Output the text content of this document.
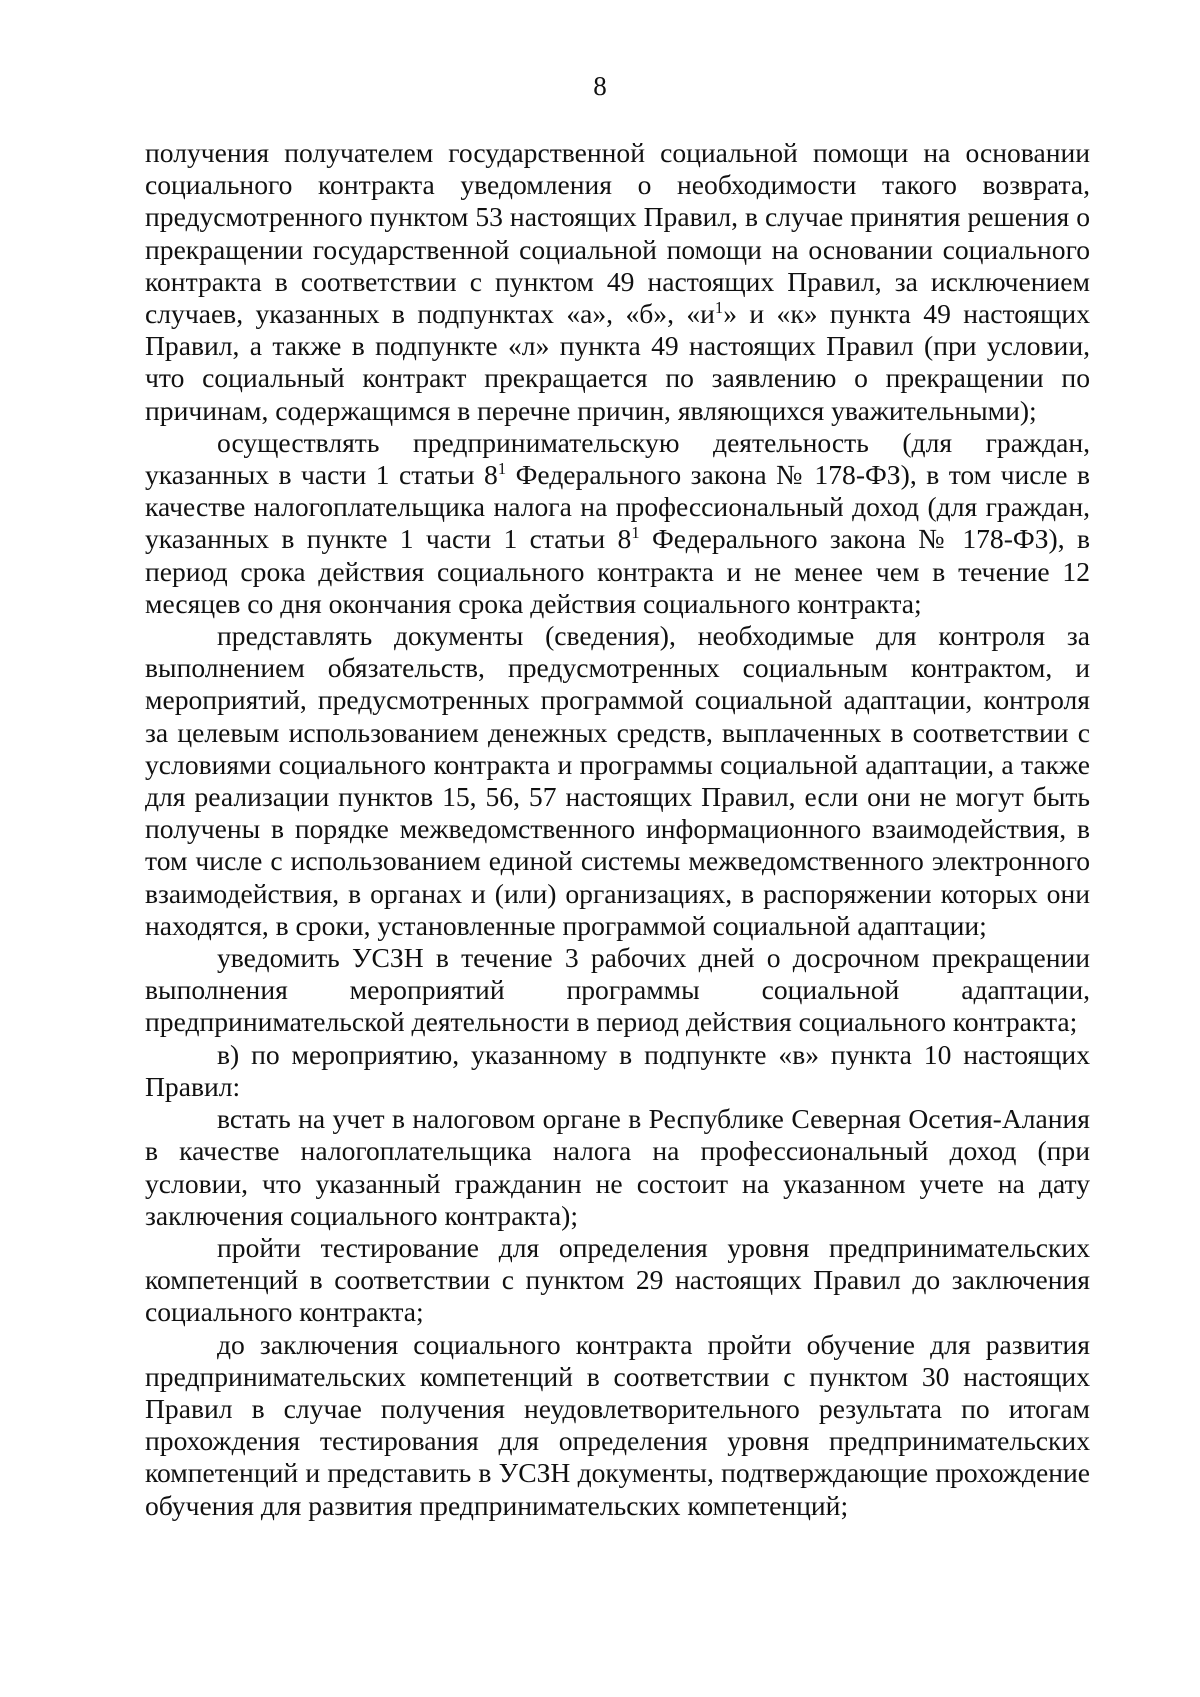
8

получения получателем государственной социальной помощи на основании социального контракта уведомления о необходимости такого возврата, предусмотренного пунктом 53 настоящих Правил, в случае принятия решения о прекращении государственной социальной помощи на основании социального контракта в соответствии с пунктом 49 настоящих Правил, за исключением случаев, указанных в подпунктах «а», «б», «$и^1$» и «к» пункта 49 настоящих Правил, а также в подпункте «л» пункта 49 настоящих Правил (при условии, что социальный контракт прекращается по заявлению о прекращении по причинам, содержащимся в перечне причин, являющихся уважительными);

осуществлять предпринимательскую деятельность (для граждан, указанных в части 1 статьи $8^1$ Федерального закона № 178-ФЗ), в том числе в качестве налогоплательщика налога на профессиональный доход (для граждан, указанных в пункте 1 части 1 статьи $8^1$ Федерального закона № 178-ФЗ), в период срока действия социального контракта и не менее чем в течение 12 месяцев со дня окончания срока действия социального контракта;

представлять документы (сведения), необходимые для контроля за выполнением обязательств, предусмотренных социальным контрактом, и мероприятий, предусмотренных программой социальной адаптации, контроля за целевым использованием денежных средств, выплаченных в соответствии с условиями социального контракта и программы социальной адаптации, а также для реализации пунктов 15, 56, 57 настоящих Правил, если они не могут быть получены в порядке межведомственного информационного взаимодействия, в том числе с использованием единой системы межведомственного электронного взаимодействия, в органах и (или) организациях, в распоряжении которых они находятся, в сроки, установленные программой социальной адаптации;

уведомить УСЗН в течение 3 рабочих дней о досрочном прекращении выполнения мероприятий программы социальной адаптации, предпринимательской деятельности в период действия социального контракта;

в) по мероприятию, указанному в подпункте «в» пункта 10 настоящих Правил:

встать на учет в налоговом органе в Республике Северная Осетия-Алания в качестве налогоплательщика налога на профессиональный доход (при условии, что указанный гражданин не состоит на указанном учете на дату заключения социального контракта);

пройти тестирование для определения уровня предпринимательских компетенций в соответствии с пунктом 29 настоящих Правил до заключения социального контракта;

до заключения социального контракта пройти обучение для развития предпринимательских компетенций в соответствии с пунктом 30 настоящих Правил в случае получения неудовлетворительного результата по итогам прохождения тестирования для определения уровня предпринимательских компетенций и представить в УСЗН документы, подтверждающие прохождение обучения для развития предпринимательских компетенций;
